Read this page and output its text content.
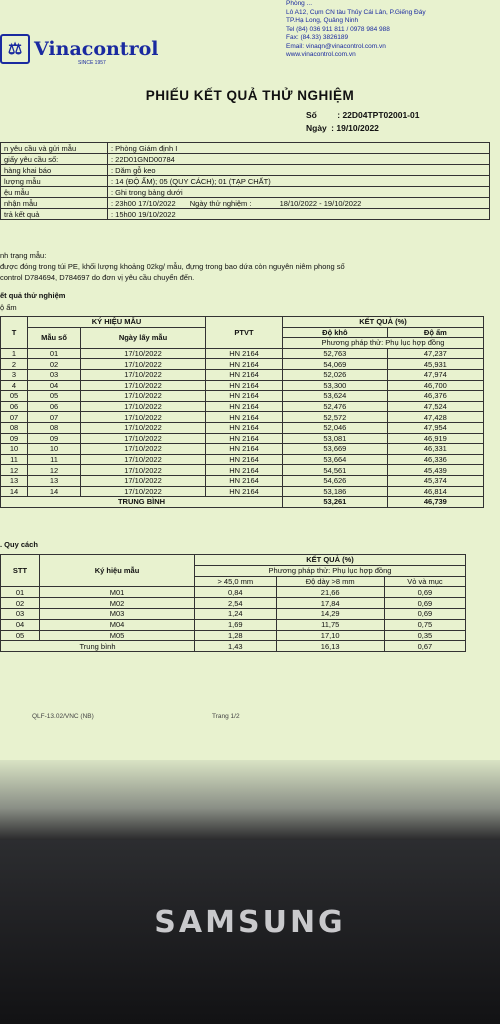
Phòng ...
Lô A12, Cụm CN tàu Thủy Cái Lân, P.Giếng Đáy
TP.Hạ Long, Quảng Ninh
Tel (84) 036 911 811 / 0978 984 988
Fax: (84.33) 3826189
Email: vinaqn@vinacontrol.com.vn
www.vinacontrol.com.vn
⚖ Vinacontrol
SINCE 1957
PHIẾU KẾT QUẢ THỬ NGHIỆM
Số : 22D04TPT02001-01
Ngày : 19/10/2022
n yêu cầu và gửi mẫu	: Phòng Giám định I
giấy yêu cầu số:	: 22D01GND00784
hàng khai báo	: Dăm gỗ keo
lượng mẫu	: 14 (ĐỘ ẨM); 05 (QUY CÁCH); 01 (TẠP CHẤT)
ệu mẫu	: Ghi trong bảng dưới
nhận mẫu	: 23h00 17/10/2022 Ngày thử nghiệm : 18/10/2022 - 19/10/2022
trả kết quả	: 15h00 19/10/2022
nh trạng mẫu:
được đóng trong túi PE, khối lượng khoảng 02kg/ mẫu, đựng trong bao dứa còn nguyên niêm phong số
control D784694, D784697 do đơn vị yêu cầu chuyển đến.
ết quả thử nghiệm
ộ ẩm
T	KÝ HIỆU MẪU		PTVT	KẾT QUẢ (%)	
	Mẫu số	Ngày lấy mẫu		Độ khô	Độ ẩm
				Phương pháp thử: Phụ lục hợp đồng	
1	01	17/10/2022	HN 2164	52,763	47,237
2	02	17/10/2022	HN 2164	54,069	45,931
3	03	17/10/2022	HN 2164	52,026	47,974
4	04	17/10/2022	HN 2164	53,300	46,700
05	05	17/10/2022	HN 2164	53,624	46,376
06	06	17/10/2022	HN 2164	52,476	47,524
07	07	17/10/2022	HN 2164	52,572	47,428
08	08	17/10/2022	HN 2164	52,046	47,954
09	09	17/10/2022	HN 2164	53,081	46,919
10	10	17/10/2022	HN 2164	53,669	46,331
11	11	17/10/2022	HN 2164	53,664	46,336
12	12	17/10/2022	HN 2164	54,561	45,439
13	13	17/10/2022	HN 2164	54,626	45,374
14	14	17/10/2022	HN 2164	53,186	46,814
TRUNG BÌNH				53,261	46,739
. Quy cách
STT	Ký hiệu mẫu	KẾT QUẢ (%)		
		Phương pháp thử: Phụ lục hợp đồng		
		> 45,0 mm	Độ dày >8 mm	Vỏ và mục
01	M01	0,84	21,66	0,69
02	M02	2,54	17,84	0,69
03	M03	1,24	14,29	0,69
04	M04	1,69	11,75	0,75
05	M05	1,28	17,10	0,35
Trung bình		1,43	16,13	0,67
QLF-13.02/VNC (NB)	Trang 1/2
SAMSUNG
